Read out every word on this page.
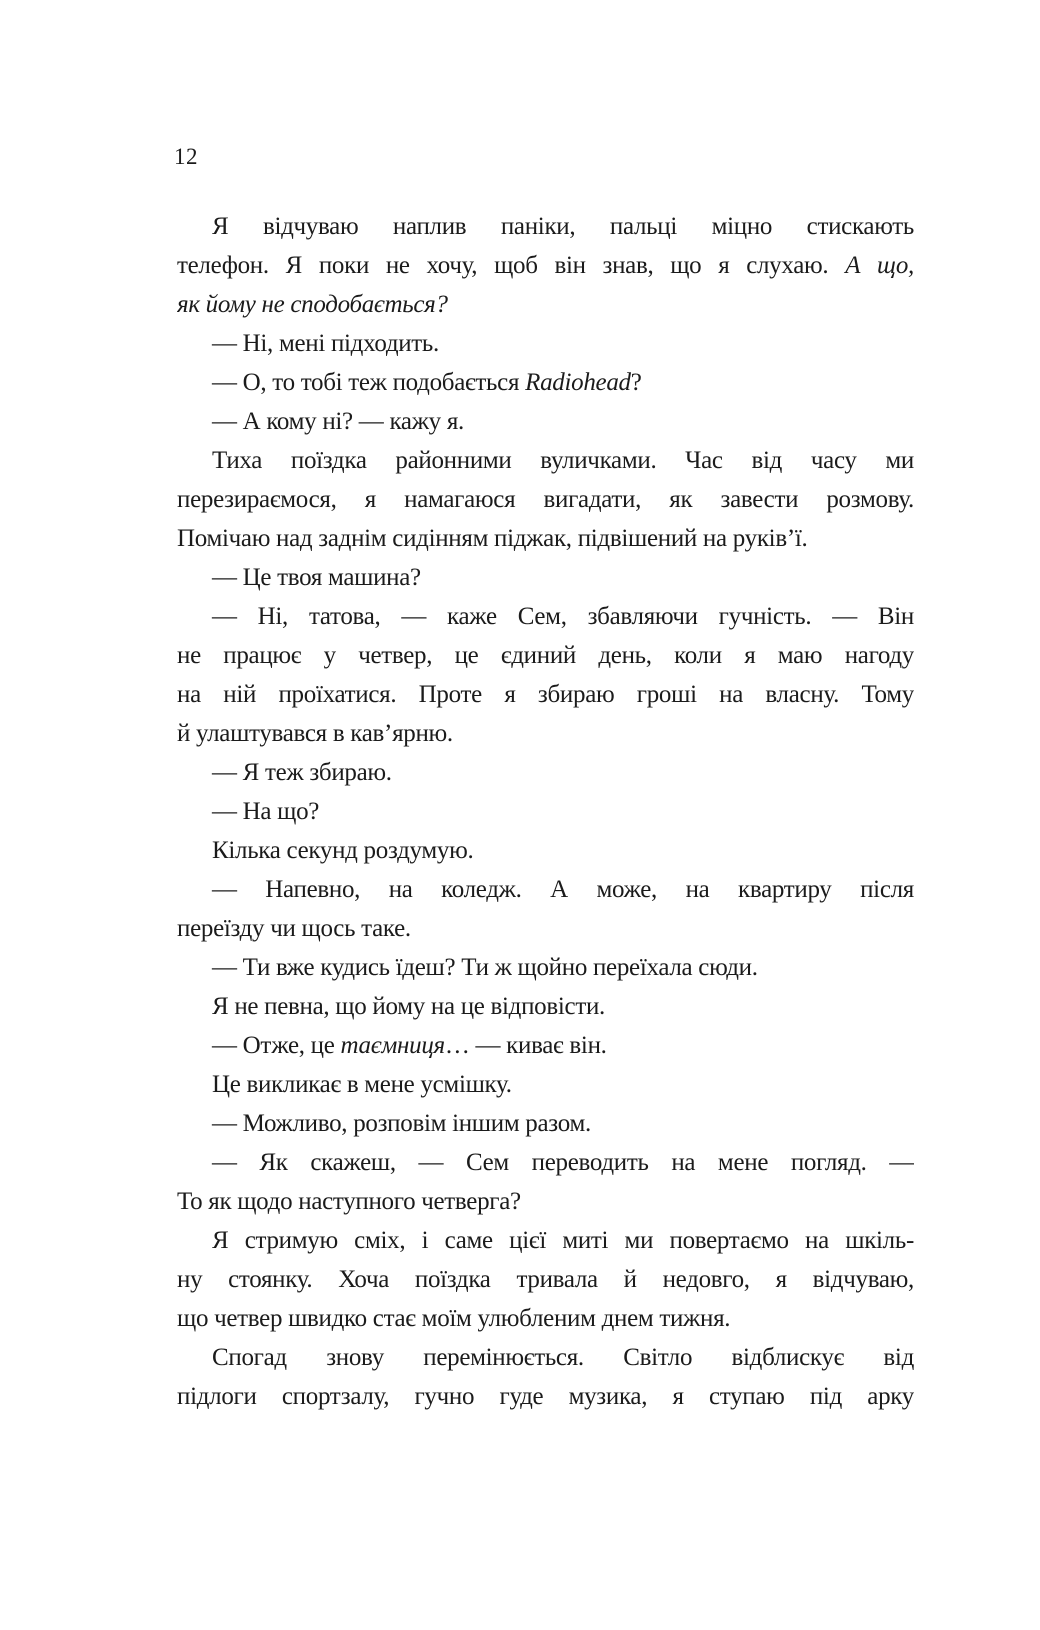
12
Я відчуваю наплив паніки, пальці міцно стискають
телефон. Я поки не хочу, щоб він знав, що я слухаю. А що,
як йому не сподобається?
— Ні, мені підходить.
— О, то тобі теж подобається Radiohead?
— А кому ні? — кажу я.
Тиха поїздка районними вуличками. Час від часу ми
перезираємося, я намагаюся вигадати, як завести розмову.
Помічаю над заднім сидінням піджак, підвішений на руків’ї.
— Це твоя машина?
— Ні, татова, — каже Сем, збавляючи гучність. — Він
не працює у четвер, це єдиний день, коли я маю нагоду
на ній проїхатися. Проте я збираю гроші на власну. Тому
й улаштувався в кав’ярню.
— Я теж збираю.
— На що?
Кілька секунд роздумую.
— Напевно, на коледж. А може, на квартиру після
переїзду чи щось таке.
— Ти вже кудись їдеш? Ти ж щойно переїхала сюди.
Я не певна, що йому на це відповісти.
— Отже, це таємниця… — киває він.
Це викликає в мене усмішку.
— Можливо, розповім іншим разом.
— Як скажеш, — Сем переводить на мене погляд. —
То як щодо наступного четверга?
Я стримую сміх, і саме цієї миті ми повертаємо на шкіль-
ну стоянку. Хоча поїздка тривала й недовго, я відчуваю,
що четвер швидко стає моїм улюбленим днем тижня.
Спогад знову перемінюється. Світло відблискує від
підлоги спортзалу, гучно гуде музика, я ступаю під арку
